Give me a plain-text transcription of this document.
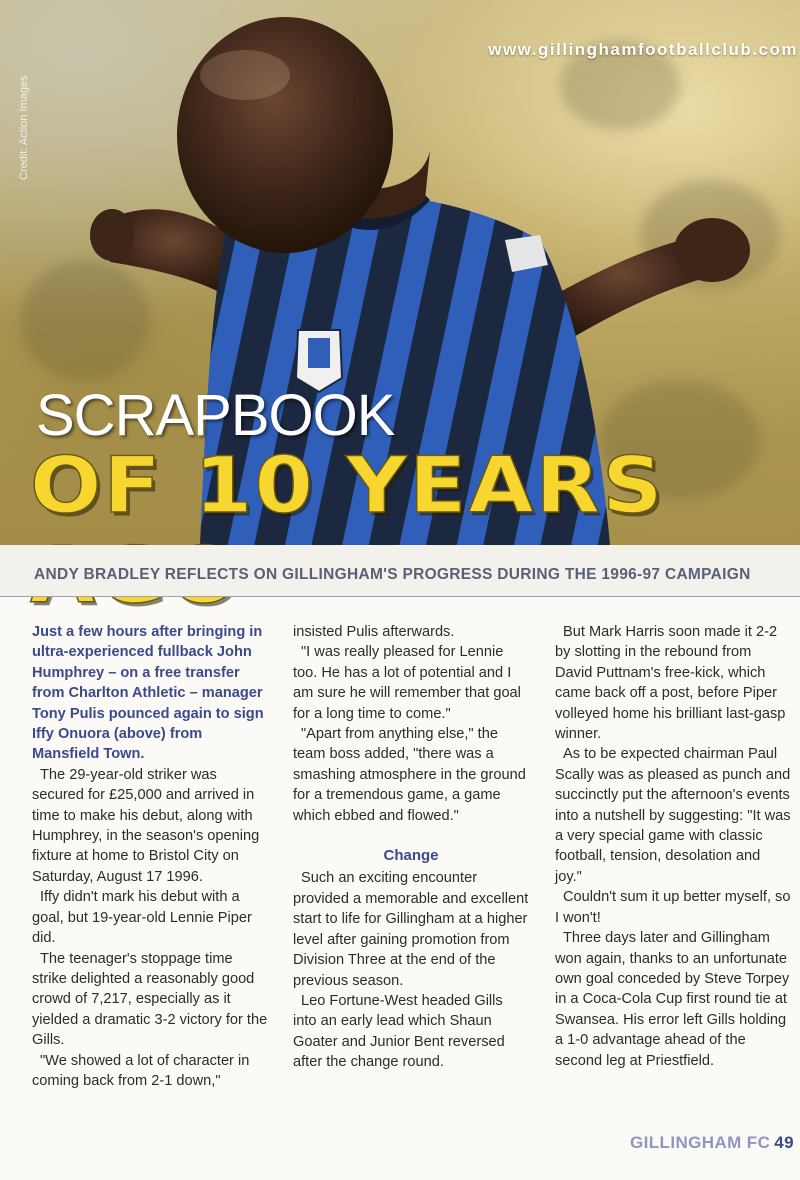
Credit: Action Images
www.gillinghamfootballclub.com
SCRAPBOOK
OF 10 YEARS
ANDY BRADLEY REFLECTS ON GILLINGHAM'S PROGRESS DURING THE 1996-97 CAMPAIGN

Just a few hours after bringing in ultra-experienced fullback John Humphrey – on a free transfer from Charlton Athletic – manager Tony Pulis pounced again to sign Iffy Onuora (above) from Mansfield Town.

The 29-year-old striker was secured for £25,000 and arrived in time to make his debut, along with Humphrey, in the season's opening fixture at home to Bristol City on Saturday, August 17 1996.

Iffy didn't mark his debut with a goal, but 19-year-old Lennie Piper did.

The teenager's stoppage time strike delighted a reasonably good crowd of 7,217, especially as it yielded a dramatic 3-2 victory for the Gills.

"We showed a lot of character in coming back from 2-1 down,"

insisted Pulis afterwards.

"I was really pleased for Lennie too. He has a lot of potential and I am sure he will remember that goal for a long time to come."

"Apart from anything else," the team boss added, "there was a smashing atmosphere in the ground for a tremendous game, a game which ebbed and flowed."

Change

Such an exciting encounter provided a memorable and excellent start to life for Gillingham at a higher level after gaining promotion from Division Three at the end of the previous season.

Leo Fortune-West headed Gills into an early lead which Shaun Goater and Junior Bent reversed after the change round.

But Mark Harris soon made it 2-2 by slotting in the rebound from David Puttnam's free-kick, which came back off a post, before Piper volleyed home his brilliant last-gasp winner.

As to be expected chairman Paul Scally was as pleased as punch and succinctly put the afternoon's events into a nutshell by suggesting: "It was a very special game with classic football, tension, desolation and joy."

Couldn't sum it up better myself, so I won't!

Three days later and Gillingham won again, thanks to an unfortunate own goal conceded by Steve Torpey in a Coca-Cola Cup first round tie at Swansea. His error left Gills holding a 1-0 advantage ahead of the second leg at Priestfield.

GILLINGHAM FC 49
